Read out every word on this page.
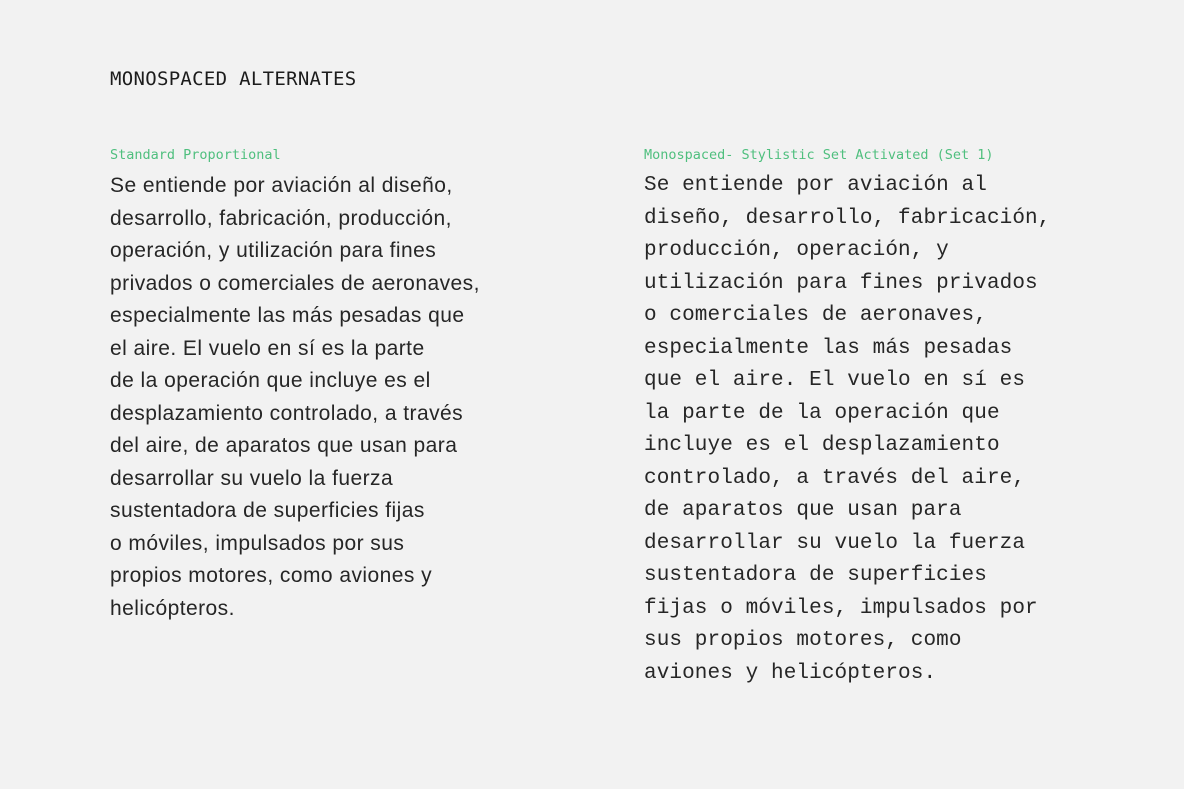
MONOSPACED ALTERNATES

Standard Proportional

Se entiende por aviación al diseño,
desarrollo, fabricación, producción,
operación, y utilización para fines
privados o comerciales de aeronaves,
especialmente las más pesadas que
el aire. El vuelo en sí es la parte
de la operación que incluye es el
desplazamiento controlado, a través
del aire, de aparatos que usan para
desarrollar su vuelo la fuerza
sustentadora de superficies fijas
o móviles, impulsados por sus
propios motores, como aviones y
helicópteros.

Monospaced- Stylistic Set Activated (Set 1)

Se entiende por aviación al
diseño, desarrollo, fabricación,
producción, operación, y
utilización para fines privados
o comerciales de aeronaves,
especialmente las más pesadas
que el aire. El vuelo en sí es
la parte de la operación que
incluye es el desplazamiento
controlado, a través del aire,
de aparatos que usan para
desarrollar su vuelo la fuerza
sustentadora de superficies
fijas o móviles, impulsados por
sus propios motores, como
aviones y helicópteros.
